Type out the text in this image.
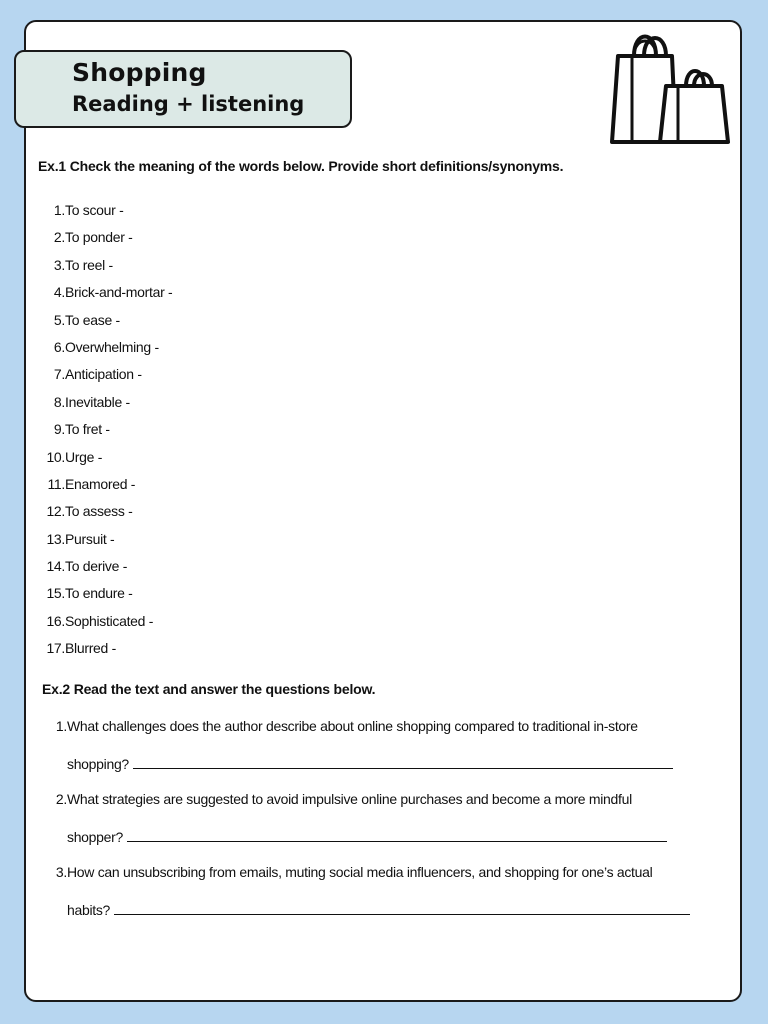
Shopping
Reading + listening
Ex.1 Check the meaning of the words below. Provide short definitions/synonyms.
1. To scour -
2. To ponder -
3. To reel -
4. Brick-and-mortar -
5. To ease -
6. Overwhelming -
7. Anticipation -
8. Inevitable -
9. To fret -
10. Urge -
11. Enamored -
12. To assess -
13. Pursuit -
14. To derive -
15. To endure -
16. Sophisticated -
17. Blurred -
Ex.2 Read the text and answer the questions below.
1. What challenges does the author describe about online shopping compared to traditional in-store
shopping?
2. What strategies are suggested to avoid impulsive online purchases and become a more mindful
shopper?
3. How can unsubscribing from emails, muting social media influencers, and shopping for one’s actual
habits?
